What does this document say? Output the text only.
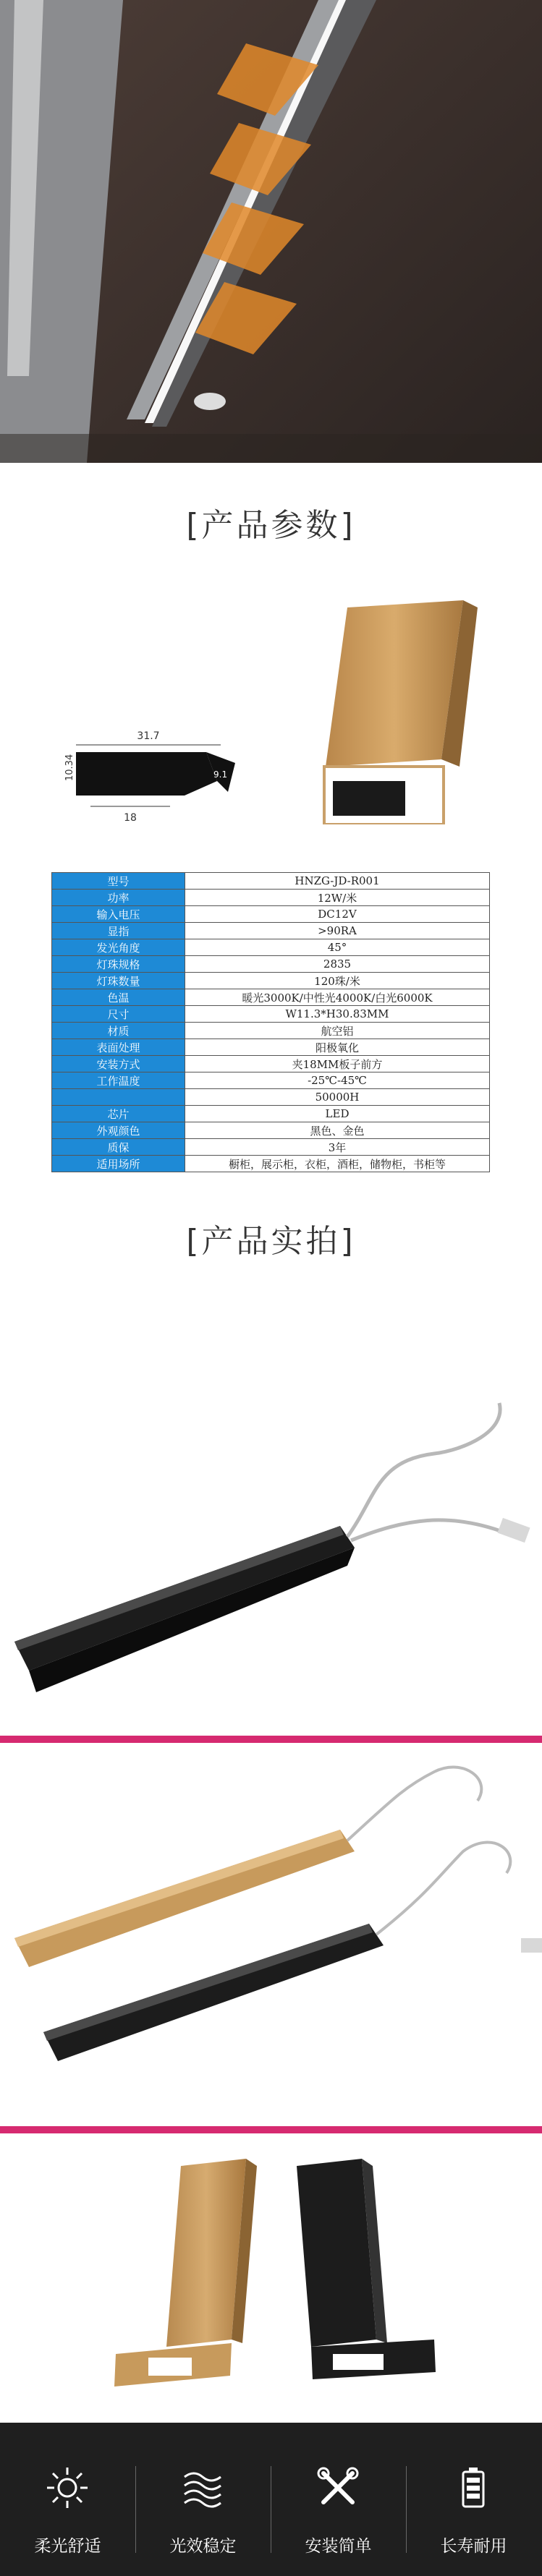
[产品参数]
31.7
10.34
18
9.1
型号	HNZG-JD-R001
功率	12W/米
输入电压	DC12V
显指	>90RA
发光角度	45°
灯珠规格	2835
灯珠数量	120珠/米
色温	暖光3000K/中性光4000K/白光6000K
尺寸	W11.3*H30.83MM
材质	航空铝
表面处理	阳极氧化
安装方式	夹18MM板子前方
工作温度	-25℃-45℃
	50000H
芯片	LED
外观颜色	黑色、金色
质保	3年
适用场所	橱柜，展示柜，衣柜，酒柜，储物柜，书柜等
[产品实拍]
柔光舒适	光效稳定	安装简单	长寿耐用
